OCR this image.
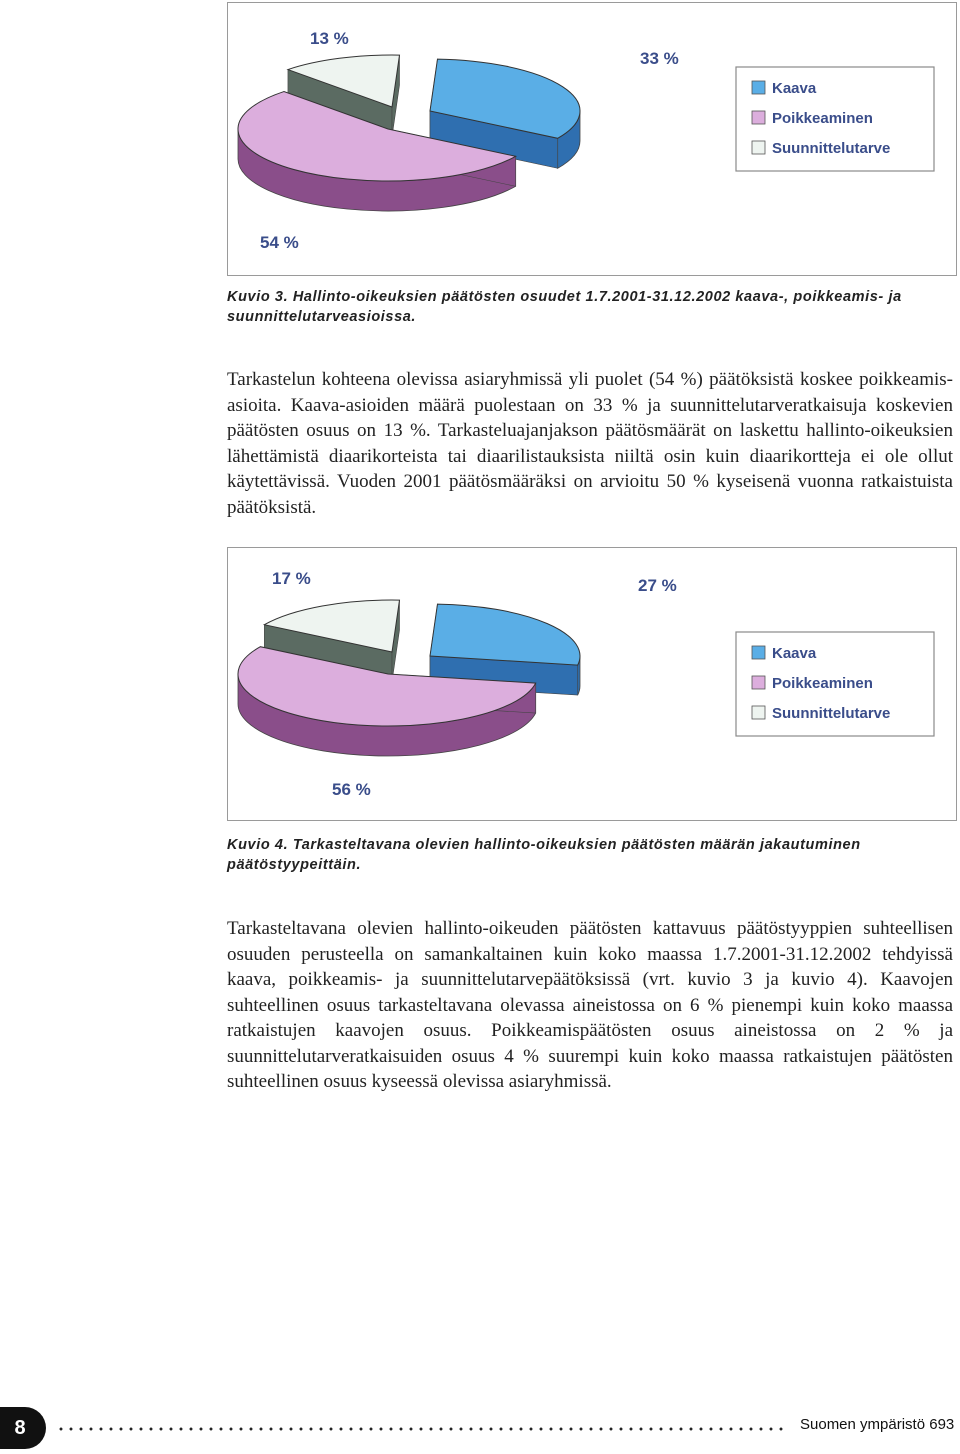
33 %
54 %
13 %
Kaava
Poikkeaminen
Suunnittelutarve
Kuvio 3. Hallinto-oikeuksien päätösten osuudet 1.7.2001-31.12.2002 kaava-, poikkeamis- ja suunnittelutarveasioissa.
Tarkastelun kohteena olevissa asiaryhmissä yli puolet (54 %) päätöksistä koskee poikkeamis-asioita. Kaava-asioiden määrä puolestaan on 33 % ja suunnittelutarveratkaisuja koskevien päätösten osuus on 13 %. Tarkasteluajanjakson päätösmäärät on laskettu hallinto-oikeuksien lähettämistä diaarikorteista tai diaarilistauksista niiltä osin kuin diaarikortteja ei ole ollut käytettävissä. Vuoden 2001 päätösmääräksi on arvioitu 50 % kyseisenä vuonna ratkaistuista päätöksistä.
27 %
56 %
17 %
Kaava
Poikkeaminen
Suunnittelutarve
Kuvio 4. Tarkasteltavana olevien hallinto-oikeuksien päätösten määrän jakautuminen päätöstyypeittäin.
Tarkasteltavana olevien hallinto-oikeuden päätösten kattavuus päätöstyyppien suhteellisen osuuden perusteella on samankaltainen kuin koko maassa 1.7.2001-31.12.2002 tehdyissä kaava, poikkeamis- ja suunnittelutarvepäätöksissä (vrt. kuvio 3 ja kuvio 4). Kaavojen suhteellinen osuus tarkasteltavana olevassa aineistossa on 6 % pienempi kuin koko maassa ratkaistujen kaavojen osuus. Poikkeamispäätösten osuus aineistossa on 2 % ja suunnittelutarveratkaisuiden osuus 4 % suurempi kuin koko maassa ratkaistujen päätösten suhteellinen osuus kyseessä olevissa asiaryhmissä.
8	Suomen ympäristö 693
